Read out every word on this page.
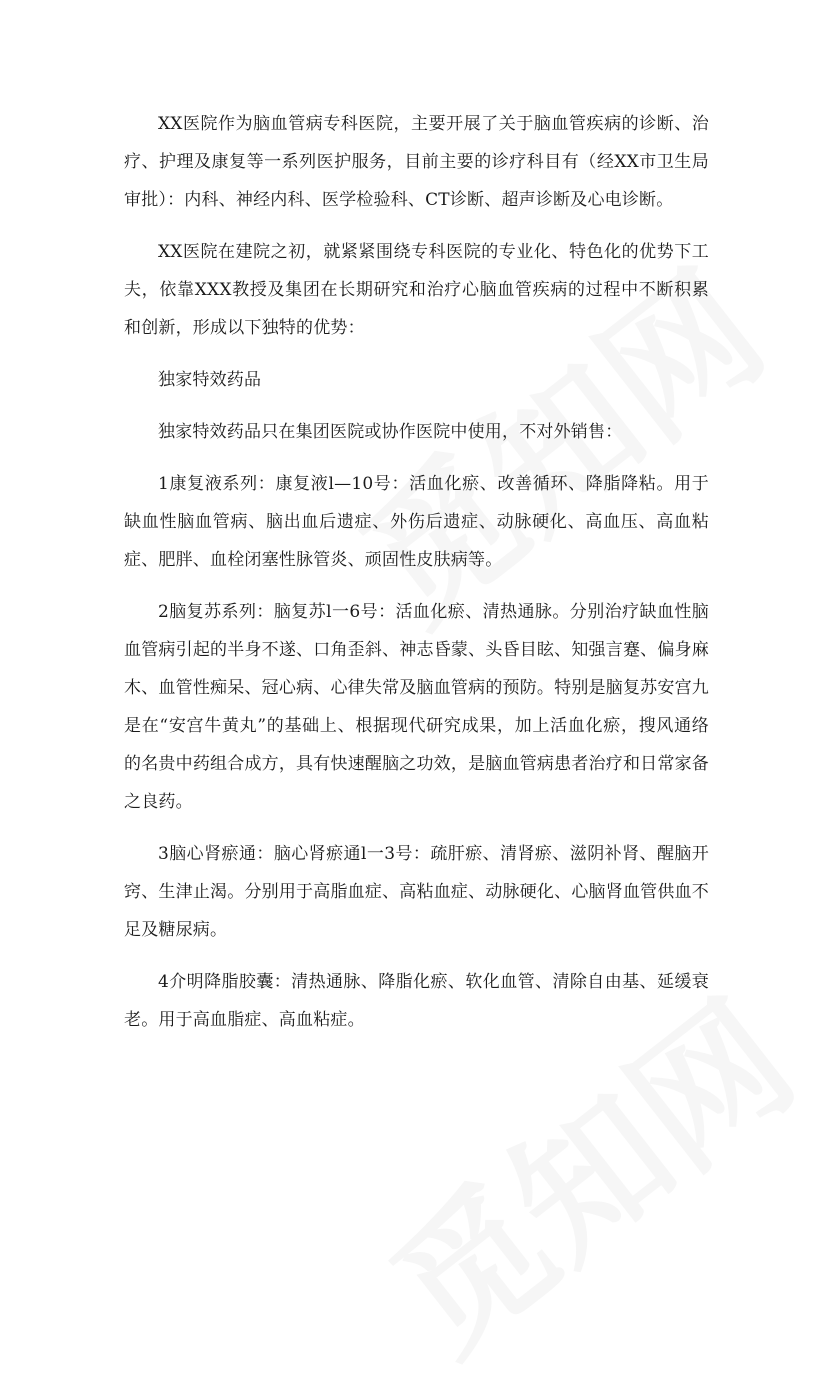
XX医院作为脑血管病专科医院，主要开展了关于脑血管疾病的诊断、治疗、护理及康复等一系列医护服务，目前主要的诊疗科目有（经XX市卫生局审批）：内科、神经内科、医学检验科、CT诊断、超声诊断及心电诊断。

XX医院在建院之初，就紧紧围绕专科医院的专业化、特色化的优势下工夫，依靠XXX教授及集团在长期研究和治疗心脑血管疾病的过程中不断积累和创新，形成以下独特的优势：

独家特效药品

独家特效药品只在集团医院或协作医院中使用，不对外销售：

1康复液系列：康复液l—10号：活血化瘀、改善循环、降脂降粘。用于缺血性脑血管病、脑出血后遗症、外伤后遗症、动脉硬化、高血压、高血粘症、肥胖、血栓闭塞性脉管炎、顽固性皮肤病等。

2脑复苏系列：脑复苏l一6号：活血化瘀、清热通脉。分别治疗缺血性脑血管病引起的半身不遂、口角歪斜、神志昏蒙、头昏目眩、知强言蹇、偏身麻木、血管性痴呆、冠心病、心律失常及脑血管病的预防。特别是脑复苏安宫九是在“安宫牛黄丸”的基础上、根据现代研究成果，加上活血化瘀，搜风通络的名贵中药组合成方，具有快速醒脑之功效，是脑血管病患者治疗和日常家备之良药。

3脑心肾瘀通：脑心肾瘀通l一3号：疏肝瘀、清肾瘀、滋阴补肾、醒脑开窍、生津止渴。分别用于高脂血症、高粘血症、动脉硬化、心脑肾血管供血不足及糖尿病。

4介明降脂胶囊：清热通脉、降脂化瘀、软化血管、清除自由基、延缓衰老。用于高血脂症、高血粘症。
